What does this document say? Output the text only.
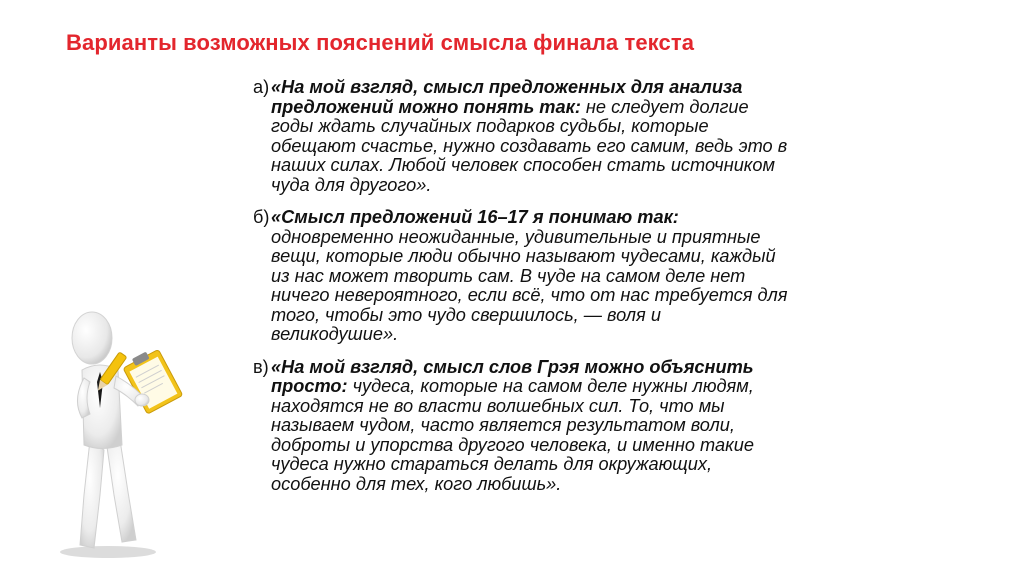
Варианты возможных пояснений смысла финала текста
а) «На мой взгляд, смысл предложенных для анализа
предложений можно понять так: не следует долгие
годы ждать случайных подарков судьбы, которые
обещают счастье, нужно создавать его самим, ведь это в
наших силах. Любой человек способен стать источником
чуда для другого».
б) «Смысл предложений 16–17 я понимаю так:
одновременно неожиданные, удивительные и приятные
вещи, которые люди обычно называют чудесами, каждый
из нас может творить сам. В чуде на самом деле нет
ничего невероятного, если всё, что от нас требуется для
того, чтобы это чудо свершилось, — воля и
великодушие».
в) «На мой взгляд, смысл слов Грэя можно объяснить
просто: чудеса, которые на самом деле нужны людям,
находятся не во власти волшебных сил. То, что мы
называем чудом, часто является результатом воли,
доброты и упорства другого человека, и именно такие
чудеса нужно стараться делать для окружающих,
особенно для тех, кого любишь».
